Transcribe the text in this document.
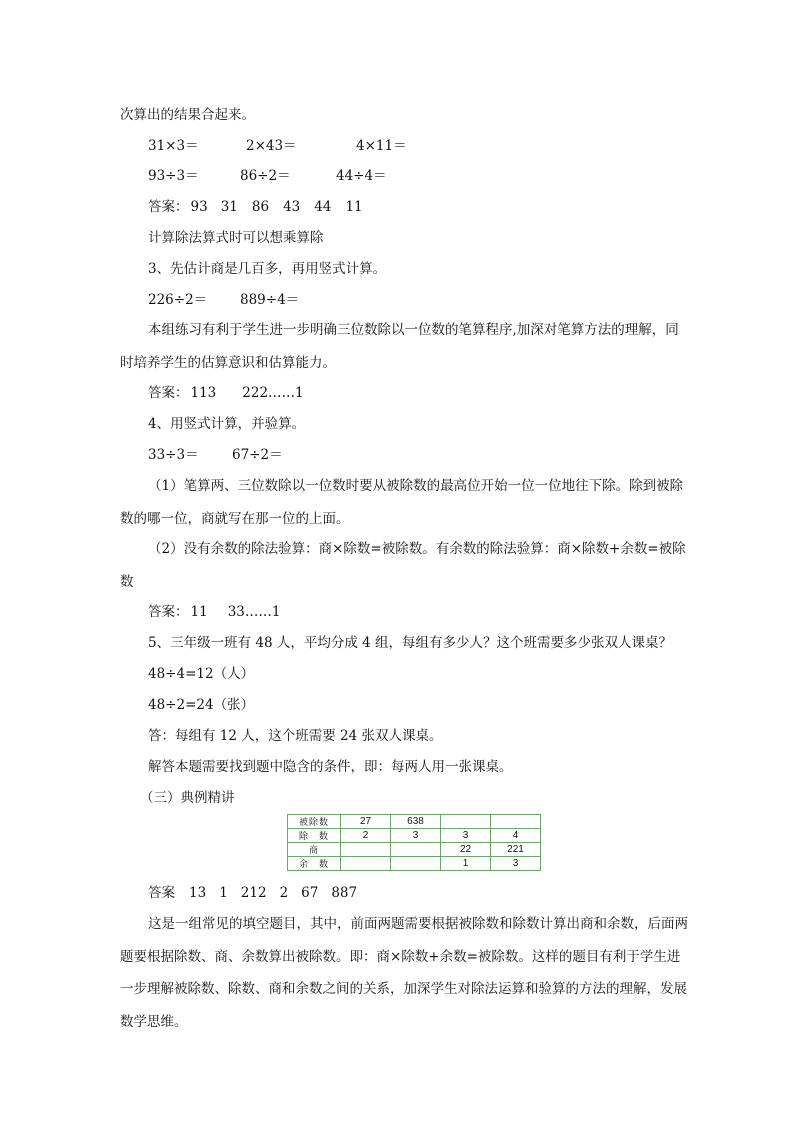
次算出的结果合起来。
31×3＝	2×43＝	4×11＝
93÷3＝	86÷2＝	44÷4＝
答案： 93 31 86 43 44 11
计算除法算式时可以想乘算除
3、先估计商是几百多，再用竖式计算。
226÷2＝ 889÷4＝
本组练习有利于学生进一步明确三位数除以一位数的笔算程序,加深对笔算方法的理解，同时培养学生的估算意识和估算能力。
答案： 113 222……1
4、用竖式计算，并验算。
33÷3＝ 67÷2＝
（1）笔算两、三位数除以一位数时要从被除数的最高位开始一位一位地往下除。除到被除数的哪一位，商就写在那一位的上面。
（2）没有余数的除法验算：商×除数=被除数。有余数的除法验算：商×除数+余数=被除数
答案： 11 33……1
5、三年级一班有 48 人，平均分成 4 组，每组有多少人？这个班需要多少张双人课桌？
48÷4=12（人）
48÷2=24（张）
答：每组有 12 人，这个班需要 24 张双人课桌。
解答本题需要找到题中隐含的条件，即：每两人用一张课桌。
（三）典例精讲
被除数	27	638		
除　数	2	3	3	4
商			22	221
余　数			1	3
答案 13 1 212 2 67 887
这是一组常见的填空题目，其中，前面两题需要根据被除数和除数计算出商和余数，后面两题要根据除数、商、余数算出被除数。即：商×除数+余数=被除数。这样的题目有利于学生进一步理解被除数、除数、商和余数之间的关系，加深学生对除法运算和验算的方法的理解，发展数学思维。
